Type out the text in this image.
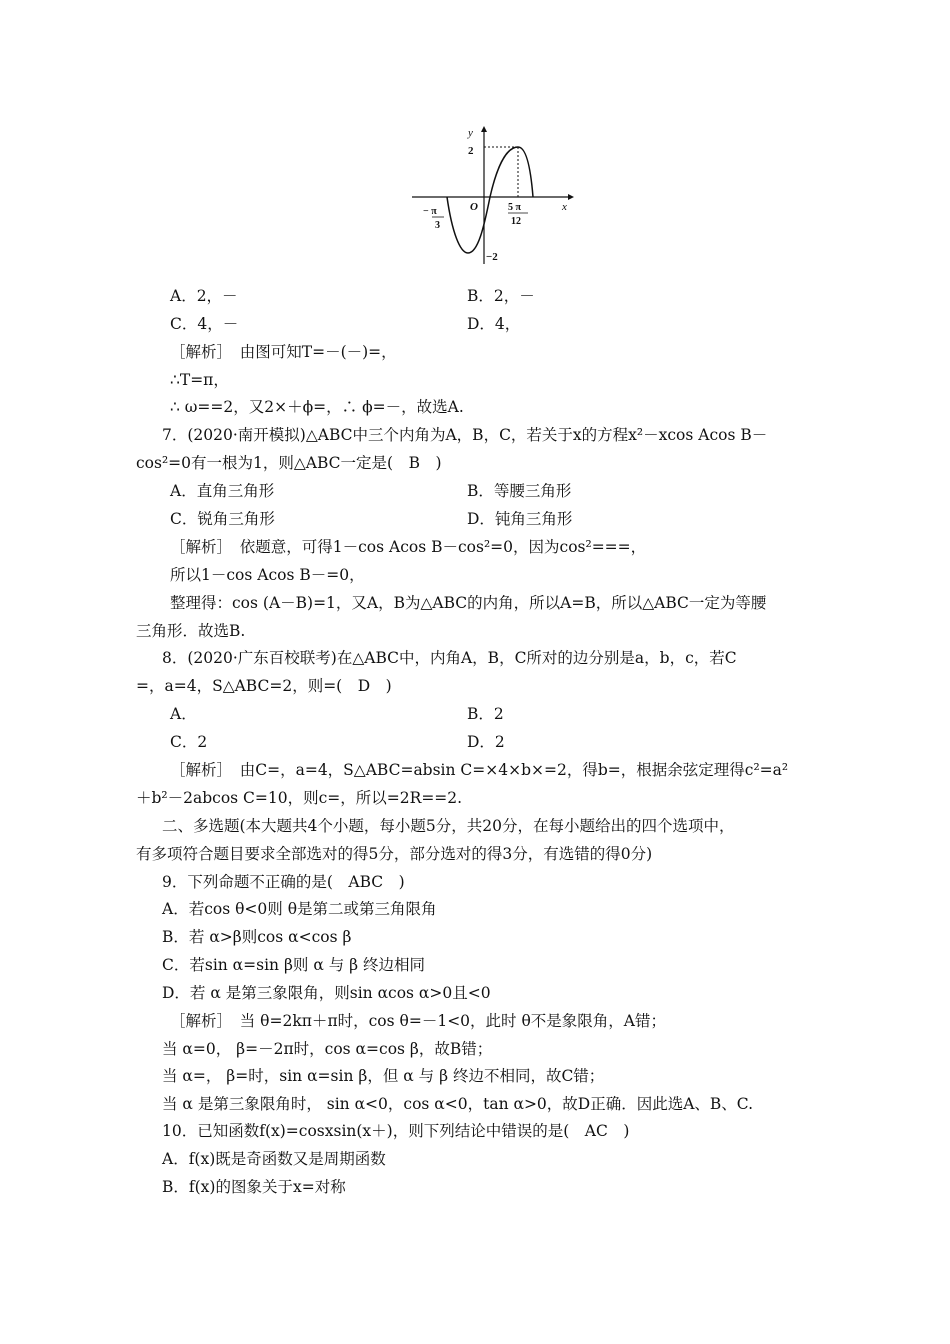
y
x
O
2
−2
− π
3
5 π
12
A．2，－	B．2，－
C．4，－	D．4，
［解析］　由图可知T=－(－)=，
∴T=π，
∴ ω==2，又2×＋ϕ=，∴ ϕ=－，故选A.
7．(2020·南开模拟)△ABC中三个内角为A，B，C，若关于x的方程x²－xcos Acos B－
cos²=0有一根为1，则△ABC一定是(　B　)
A．直角三角形	B．等腰三角形
C．锐角三角形	D．钝角三角形
［解析］　依题意，可得1－cos Acos B－cos²=0，因为cos²===，
所以1－cos Acos B－=0，
整理得：cos (A－B)=1，又A，B为△ABC的内角，所以A=B，所以△ABC一定为等腰
三角形．故选B.
8．(2020·广东百校联考)在△ABC中，内角A，B，C所对的边分别是a，b，c，若C
=，a=4，S△ABC=2，则=(　D　)
A．	B．2
C．2	D．2
［解析］　由C=，a=4，S△ABC=absin C=×4×b×=2，得b=，根据余弦定理得c²=a²
＋b²－2abcos C=10，则c=，所以=2R==2.
二、多选题(本大题共4个小题，每小题5分，共20分，在每小题给出的四个选项中，
有多项符合题目要求全部选对的得5分，部分选对的得3分，有选错的得0分)
9．下列命题不正确的是(　ABC　)
A．若cos θ<0则 θ是第二或第三角限角
B．若 α>β则cos α<cos β
C．若sin α=sin β则 α 与 β 终边相同
D．若 α 是第三象限角，则sin αcos α>0且<0
［解析］　当 θ=2kπ＋π时，cos θ=－1<0，此时 θ不是象限角，A错；
当 α=0， β=－2π时，cos α=cos β，故B错；
当 α=， β=时，sin α=sin β，但 α 与 β 终边不相同，故C错；
当 α 是第三象限角时， sin α<0，cos α<0，tan α>0，故D正确．因此选A、B、C.
10．已知函数f(x)=cosxsin(x＋)，则下列结论中错误的是(　AC　)
A．f(x)既是奇函数又是周期函数
B．f(x)的图象关于x=对称
